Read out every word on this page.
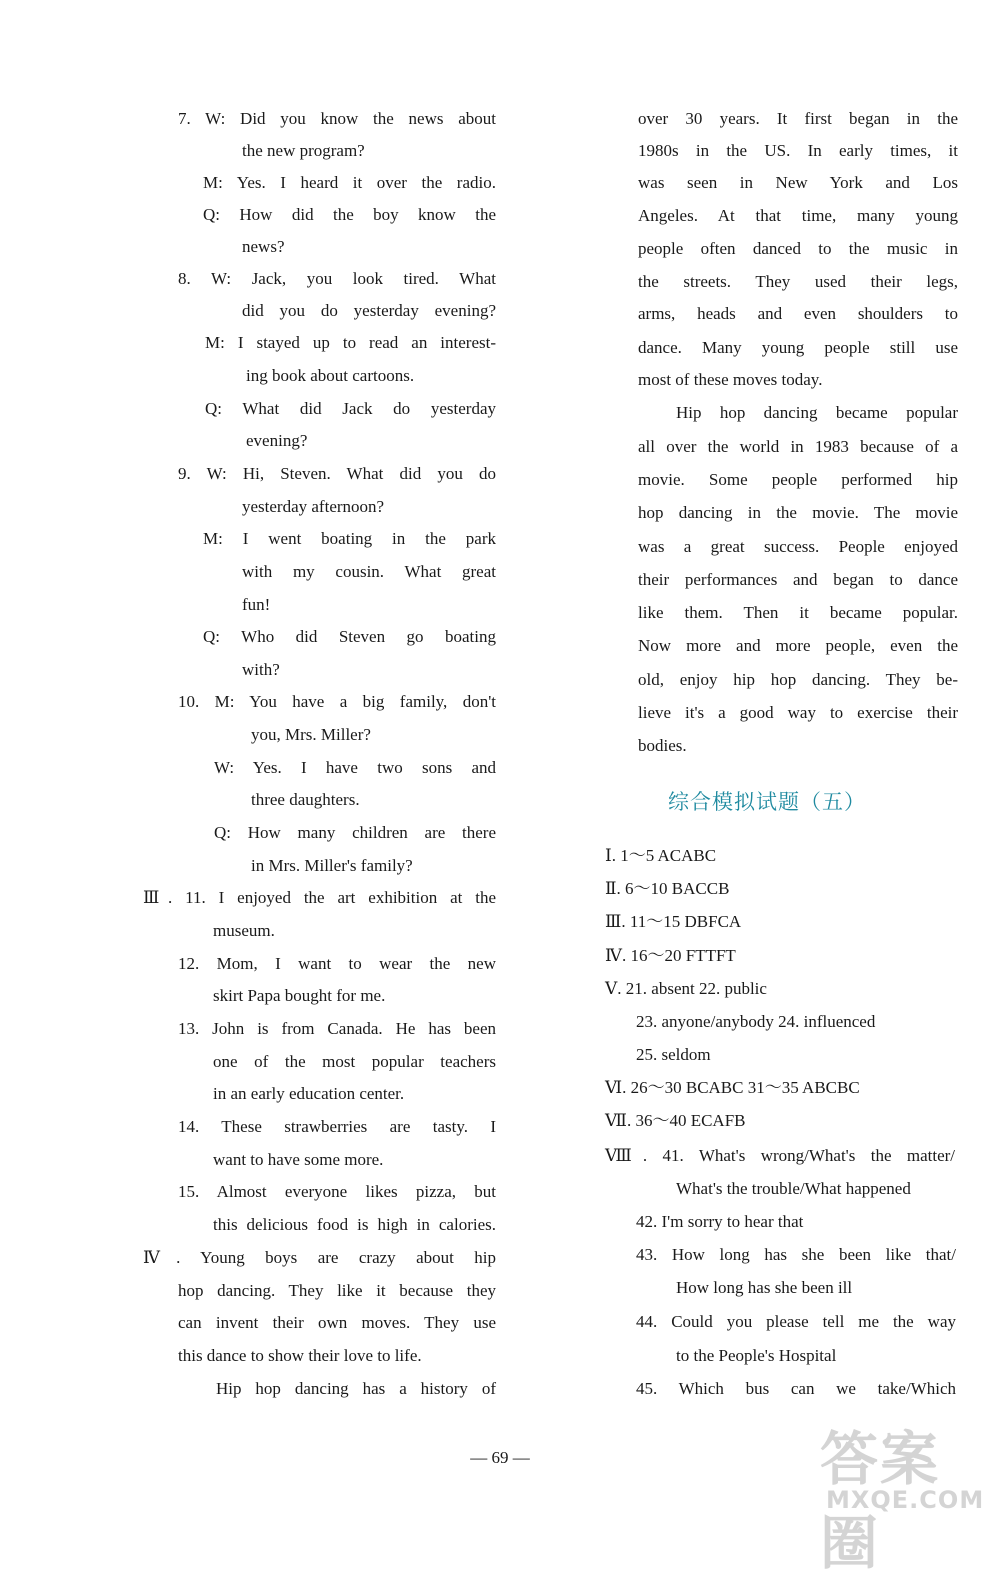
7. W: Did you know the news about
the new program?
M: Yes. I heard it over the radio.
Q: How did the boy know the
news?
8. W: Jack, you look tired. What
did you do yesterday evening?
M: I stayed up to read an interest-
ing book about cartoons.
Q: What did Jack do yesterday
evening?
9. W: Hi, Steven. What did you do
yesterday afternoon?
M: I went boating in the park
with my cousin. What great
fun!
Q: Who did Steven go boating
with?
10. M: You have a big family, don't
you, Mrs. Miller?
W: Yes. I have two sons and
three daughters.
Q: How many children are there
in Mrs. Miller's family?
Ⅲ. 11. I enjoyed the art exhibition at the
museum.
12. Mom, I want to wear the new
skirt Papa bought for me.
13. John is from Canada. He has been
one of the most popular teachers
in an early education center.
14. These strawberries are tasty. I
want to have some more.
15. Almost everyone likes pizza, but
this delicious food is high in calories.
Ⅳ. Young boys are crazy about hip
hop dancing. They like it because they
can invent their own moves. They use
this dance to show their love to life.
Hip hop dancing has a history of
over 30 years. It first began in the
1980s in the US. In early times, it
was seen in New York and Los
Angeles. At that time, many young
people often danced to the music in
the streets. They used their legs,
arms, heads and even shoulders to
dance. Many young people still use
most of these moves today.
Hip hop dancing became popular
all over the world in 1983 because of a
movie. Some people performed hip
hop dancing in the movie. The movie
was a great success. People enjoyed
their performances and began to dance
like them. Then it became popular.
Now more and more people, even the
old, enjoy hip hop dancing. They be-
lieve it's a good way to exercise their
bodies.
Ⅰ. 1～5 ACABC
Ⅱ. 6～10 BACCB
Ⅲ. 11～15 DBFCA
Ⅳ. 16～20 FTTFT
Ⅴ. 21. absent 22. public
23. anyone/anybody 24. influenced
25. seldom
Ⅵ. 26～30 BCABC 31～35 ABCBC
Ⅶ. 36～40 ECAFB
Ⅷ. 41. What's wrong/What's the matter/
What's the trouble/What happened
42. I'm sorry to hear that
43. How long has she been like that/
How long has she been ill
44. Could you please tell me the way
to the People's Hospital
45. Which bus can we take/Which
综合模拟试题（五）
— 69 —	答案圈
MXQE.COM
